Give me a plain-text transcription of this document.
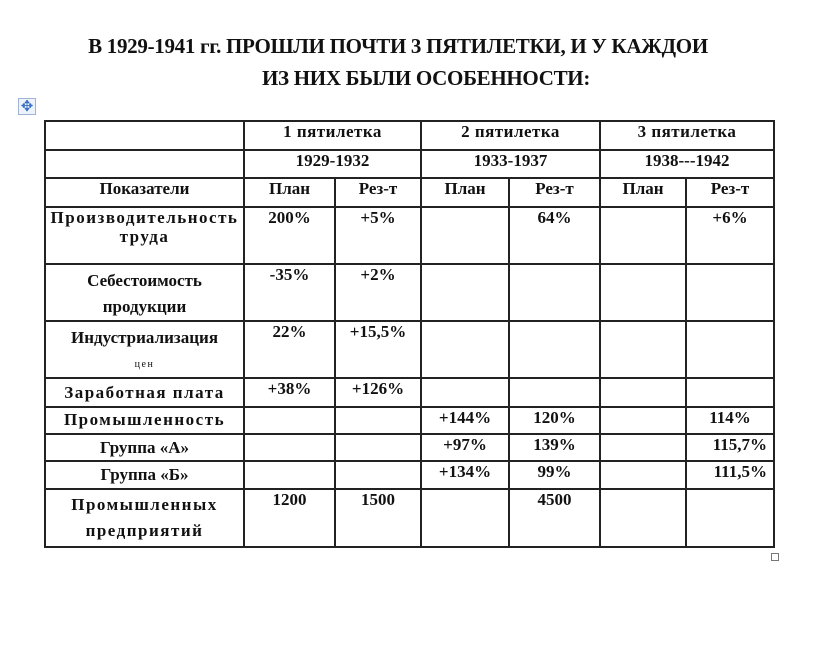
В 1929-1941 гг. ПРОШЛИ ПОЧТИ 3 ПЯТИЛЕТКИ, И У КАЖДОИ
ИЗ НИХ БЫЛИ ОСОБЕННОСТИ:
✥
	1 пятилетка		2 пятилетка		3 пятилетка	
	1929-1932		1933-1937		1938---1942	
Показатели	План	Рез-т	План	Рез-т	План	Рез-т
Производительность
труда	200%	+5%		64%		+6%
Себестоимость
продукции	-35%	+2%				
Индустриализация
цен	22%	+15,5%				
Заработная плата	+38%	+126%				
Промышленность			+144%	120%		114%
Группа «А»			+97%	139%		115,7%
Группа «Б»			+134%	99%		111,5%
Промышленных
предприятий	1200	1500		4500		
